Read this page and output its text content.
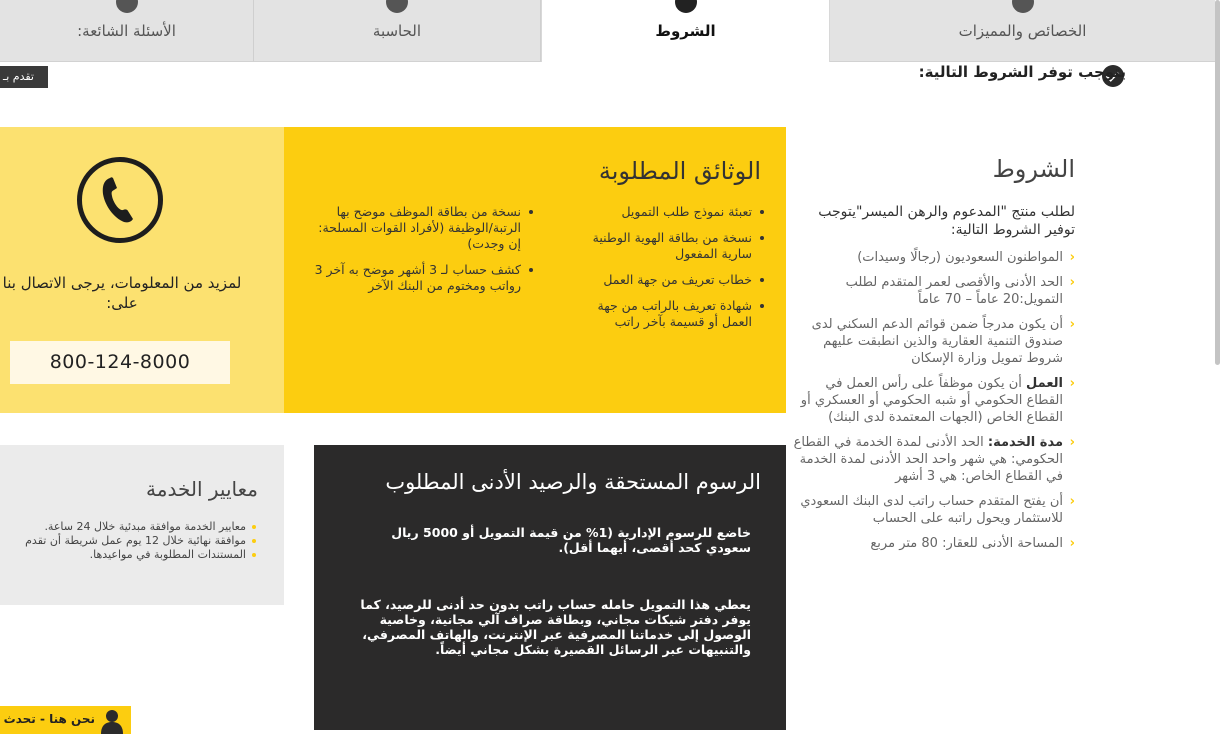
الأسئلة الشائعة:	الحاسبة	الشروط	الخصائص والمميزات
تقدم بـ	يتوجب توفر الشروط التالية:
لمزيد من المعلومات، يرجى الاتصال بنا على:
800-124-8000
الوثائق المطلوبة
تعبئة نموذج طلب التمويل
نسخة من بطاقة الهوية الوطنية سارية المفعول
خطاب تعريف من جهة العمل
شهادة تعريف بالراتب من جهة العمل أو قسيمة بآخر راتب
نسخة من بطاقة الموظف موضح بها الرتبة/الوظيفة (لأفراد القوات المسلحة: إن وجدت)
كشف حساب لـ 3 أشهر موضح به آخر 3 رواتب ومختوم من البنك الآخر
معايير الخدمة
معايير الخدمة موافقة مبدئية خلال 24 ساعة.
موافقة نهائية خلال 12 يوم عمل شريطة أن تقدم
المستندات المطلوبة في مواعيدها.
الرسوم المستحقة والرصيد الأدنى المطلوب
خاضع للرسوم الإدارية (1% من قيمة التمويل أو 5000 ريال سعودي كحد أقصى، أيهما أقل).
يعطي هذا التمويل حامله حساب راتب بدون حد أدنى للرصيد، كما يوفر دفتر شيكات مجاني، وبطاقة صراف آلي مجانية، وخاصية الوصول إلى خدماتنا المصرفية عبر الإنترنت، والهاتف المصرفي، والتنبيهات عبر الرسائل القصيرة بشكل مجاني أيضاً.
الشروط
لطلب منتج "المدعوم والرهن الميسر"يتوجب توفير الشروط التالية:
‹
المواطنون السعوديون (رجالًا وسيدات)
‹
الحد الأدنى والأقصى لعمر المتقدم لطلب التمويل:20 عاماً – 70 عاماً
‹
أن يكون مدرجاً ضمن قوائم الدعم السكني لدى صندوق التنمية العقارية والذين انطبقت عليهم شروط تمويل وزارة الإسكان
‹
العمل أن يكون موظفاً على رأس العمل في القطاع الحكومي أو شبه الحكومي أو العسكري أو القطاع الخاص (الجهات المعتمدة لدى البنك)
‹
مدة الخدمة: الحد الأدنى لمدة الخدمة في القطاع الحكومي: هي شهر واحد الحد الأدنى لمدة الخدمة في القطاع الخاص: هي 3 أشهر
‹
أن يفتح المتقدم حساب راتب لدى البنك السعودي للاستثمار ويحول راتبه على الحساب
‹
المساحة الأدنى للعقار: 80 متر مربع
نحن هنا - تحدث
